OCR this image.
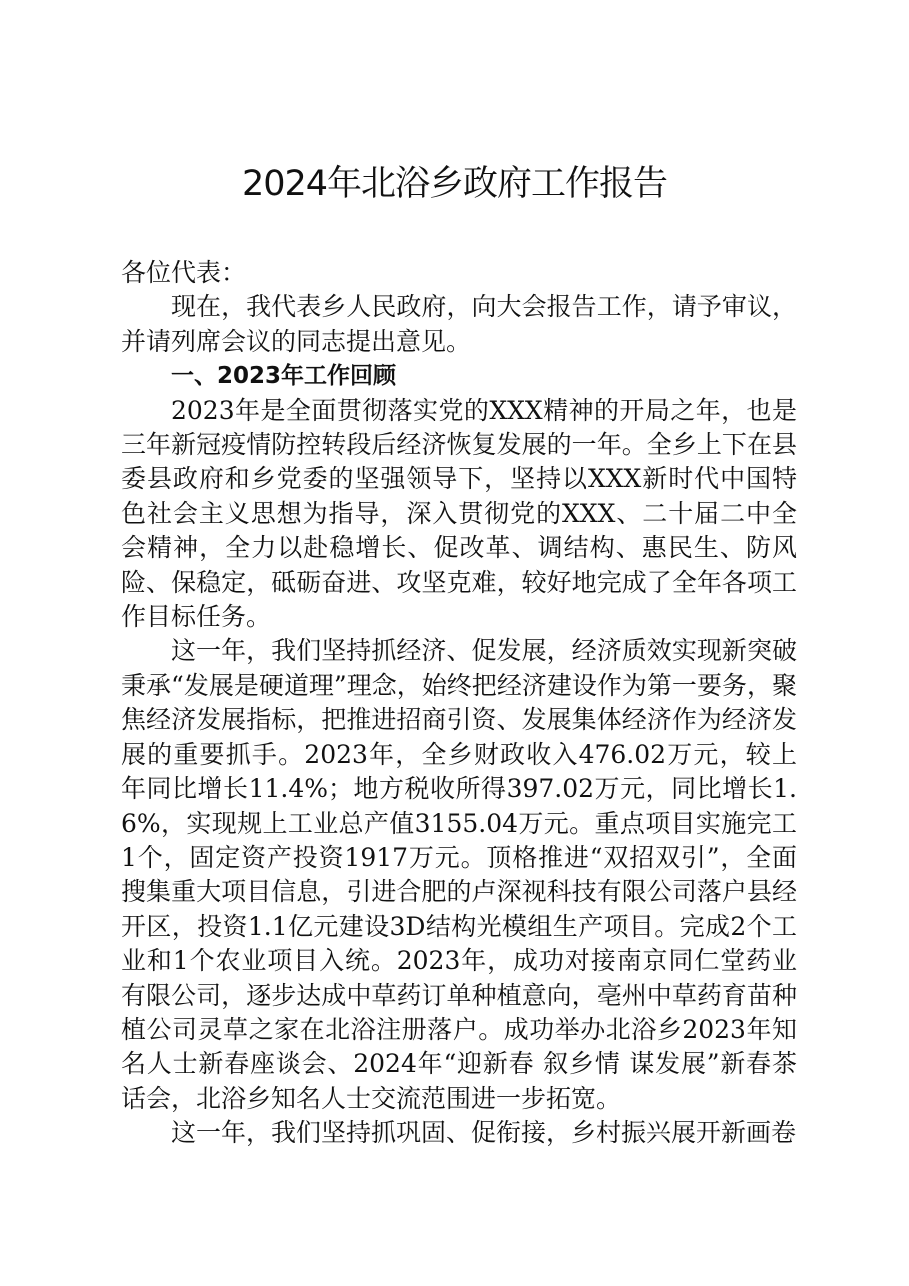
2024年北浴乡政府工作报告

各位代表：

现在，我代表乡人民政府，向大会报告工作，请予审议，并请列席会议的同志提出意见。

一、2023年工作回顾

2023年是全面贯彻落实党的XXX精神的开局之年，也是三年新冠疫情防控转段后经济恢复发展的一年。全乡上下在县委县政府和乡党委的坚强领导下，坚持以XXX新时代中国特色社会主义思想为指导，深入贯彻党的XXX、二十届二中全会精神，全力以赴稳增长、促改革、调结构、惠民生、防风险、保稳定，砥砺奋进、攻坚克难，较好地完成了全年各项工作目标任务。

这一年，我们坚持抓经济、促发展，经济质效实现新突破秉承“发展是硬道理”理念，始终把经济建设作为第一要务，聚焦经济发展指标，把推进招商引资、发展集体经济作为经济发展的重要抓手。2023年，全乡财政收入476.02万元，较上年同比增长11.4%；地方税收所得397.02万元，同比增长1.6%，实现规上工业总产值3155.04万元。重点项目实施完工1个，固定资产投资1917万元。顶格推进“双招双引”，全面搜集重大项目信息，引进合肥的卢深视科技有限公司落户县经开区，投资1.1亿元建设3D结构光模组生产项目。完成2个工业和1个农业项目入统。2023年，成功对接南京同仁堂药业有限公司，逐步达成中草药订单种植意向，亳州中草药育苗种植公司灵草之家在北浴注册落户。成功举办北浴乡2023年知名人士新春座谈会、2024年“迎新春 叙乡情 谋发展”新春茶话会，北浴乡知名人士交流范围进一步拓宽。

这一年，我们坚持抓巩固、促衔接，乡村振兴展开新画卷
